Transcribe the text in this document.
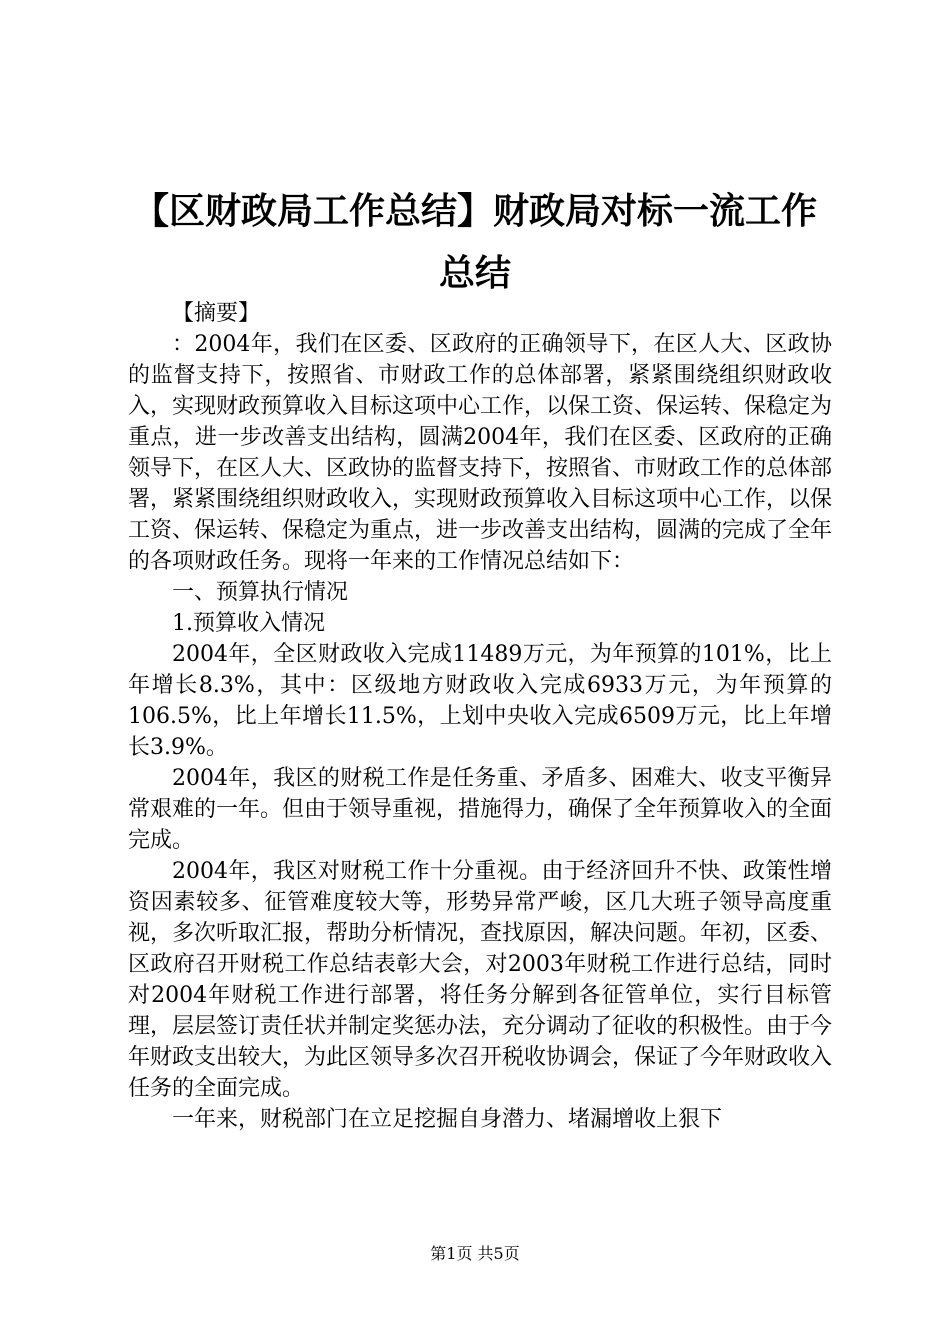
【区财政局工作总结】财政局对标一流工作总结

【摘要】

：2004年，我们在区委、区政府的正确领导下，在区人大、区政协的监督支持下，按照省、市财政工作的总体部署，紧紧围绕组织财政收入，实现财政预算收入目标这项中心工作，以保工资、保运转、保稳定为重点，进一步改善支出结构，圆满2004年，我们在区委、区政府的正确领导下，在区人大、区政协的监督支持下，按照省、市财政工作的总体部署，紧紧围绕组织财政收入，实现财政预算收入目标这项中心工作，以保工资、保运转、保稳定为重点，进一步改善支出结构，圆满的完成了全年的各项财政任务。现将一年来的工作情况总结如下：

一、预算执行情况

1.预算收入情况

2004年，全区财政收入完成11489万元，为年预算的101%，比上年增长8.3%，其中：区级地方财政收入完成6933万元，为年预算的106.5%，比上年增长11.5%，上划中央收入完成6509万元，比上年增长3.9%。

2004年，我区的财税工作是任务重、矛盾多、困难大、收支平衡异常艰难的一年。但由于领导重视，措施得力，确保了全年预算收入的全面完成。

2004年，我区对财税工作十分重视。由于经济回升不快、政策性增资因素较多、征管难度较大等，形势异常严峻，区几大班子领导高度重视，多次听取汇报，帮助分析情况，查找原因，解决问题。年初，区委、区政府召开财税工作总结表彰大会，对2003年财税工作进行总结，同时对2004年财税工作进行部署，将任务分解到各征管单位，实行目标管理，层层签订责任状并制定奖惩办法，充分调动了征收的积极性。由于今年财政支出较大，为此区领导多次召开税收协调会，保证了今年财政收入任务的全面完成。

一年来，财税部门在立足挖掘自身潜力、堵漏增收上狠下

第1页 共5页
